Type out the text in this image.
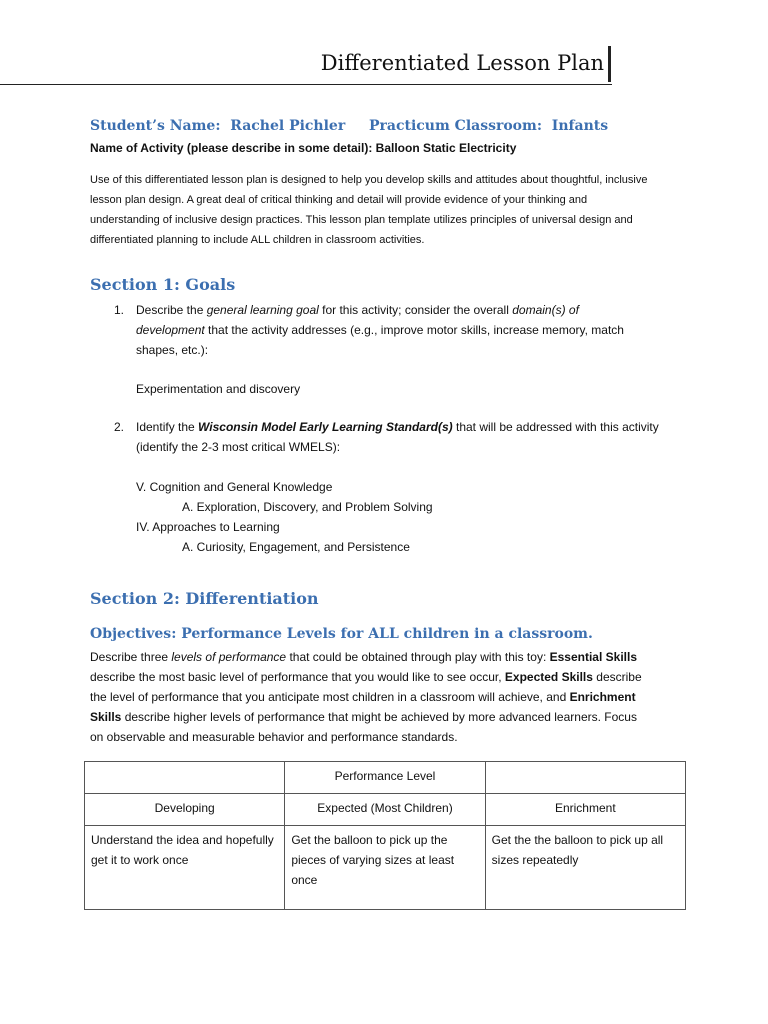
Differentiated Lesson Plan
Student’s Name: Rachel Pichler Practicum Classroom: Infants
Name of Activity (please describe in some detail): Balloon Static Electricity
Use of this differentiated lesson plan is designed to help you develop skills and attitudes about thoughtful, inclusive
lesson plan design. A great deal of critical thinking and detail will provide evidence of your thinking and
understanding of inclusive design practices. This lesson plan template utilizes principles of universal design and
differentiated planning to include ALL children in classroom activities.
Section 1: Goals
1. Describe the general learning goal for this activity; consider the overall domain(s) of
development that the activity addresses (e.g., improve motor skills, increase memory, match
shapes, etc.):
Experimentation and discovery
2. Identify the Wisconsin Model Early Learning Standard(s) that will be addressed with this activity
(identify the 2-3 most critical WMELS):
V. Cognition and General Knowledge
A. Exploration, Discovery, and Problem Solving
IV. Approaches to Learning
A. Curiosity, Engagement, and Persistence
Section 2: Differentiation
Objectives: Performance Levels for ALL children in a classroom.
Describe three levels of performance that could be obtained through play with this toy: Essential Skills
describe the most basic level of performance that you would like to see occur, Expected Skills describe
the level of performance that you anticipate most children in a classroom will achieve, and Enrichment
Skills describe higher levels of performance that might be achieved by more advanced learners. Focus
on observable and measurable behavior and performance standards.
	Performance Level	
Developing	Expected (Most Children)	Enrichment
Understand the idea and hopefully get it to work once	Get the balloon to pick up the pieces of varying sizes at least once	Get the the balloon to pick up all sizes repeatedly
